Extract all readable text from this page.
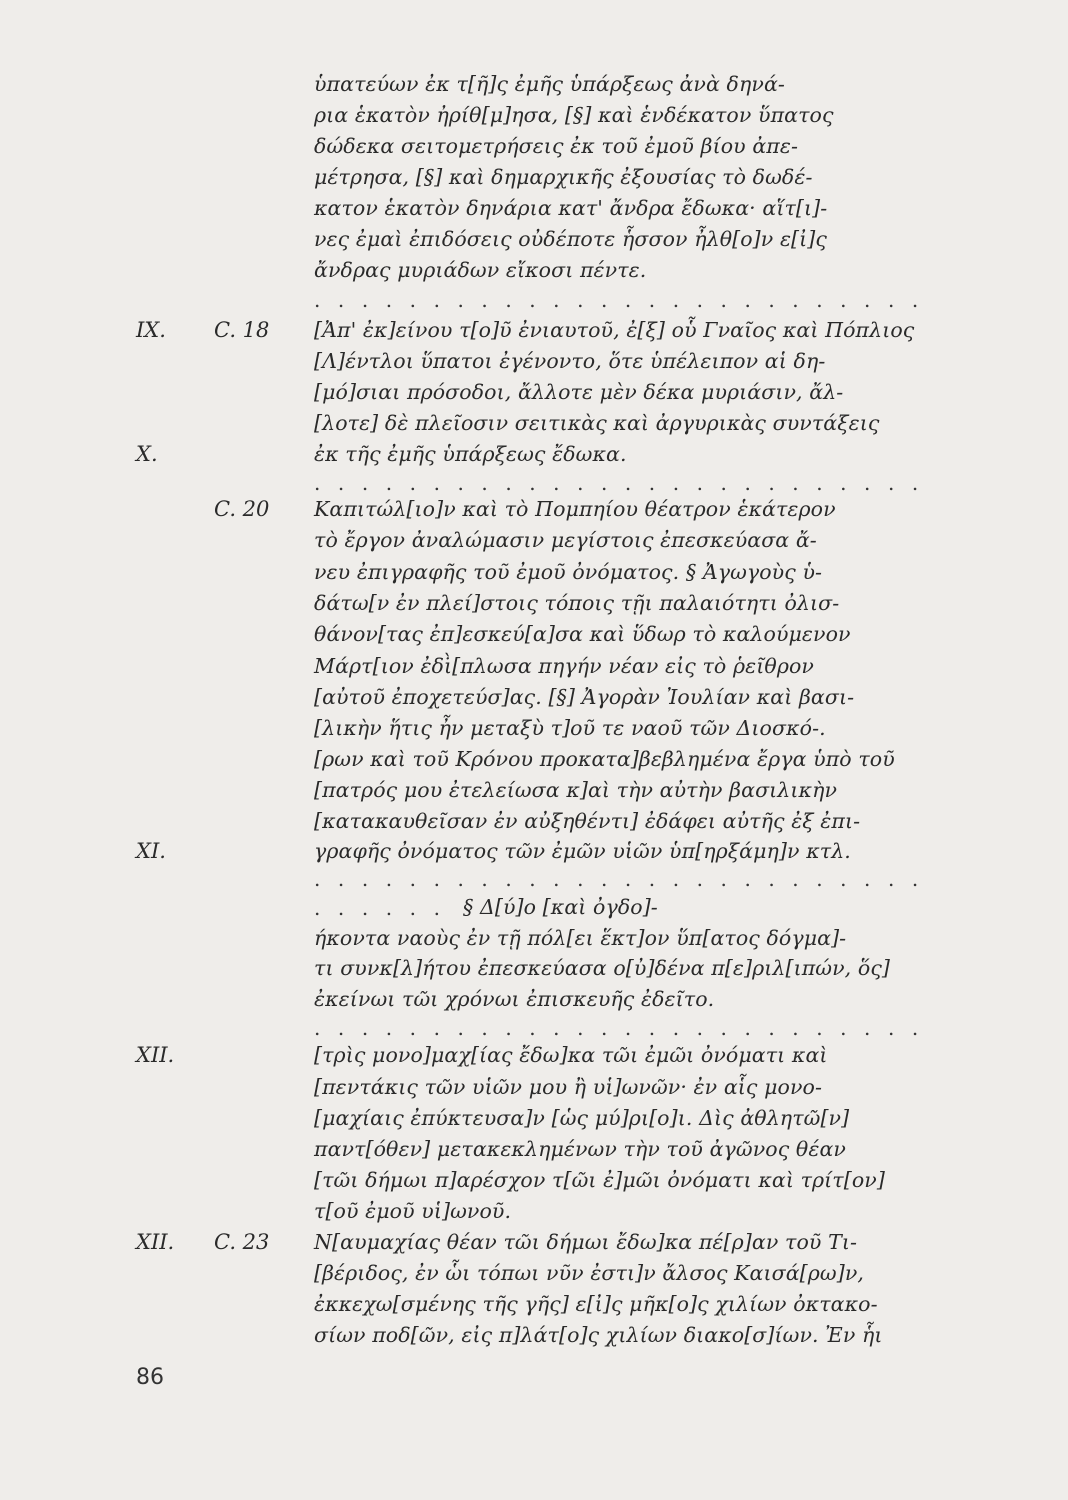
ὑπατεύων ἐκ τ[ῆ]ς ἐμῆς ὑπάρξεως ἀνὰ δηνά-
ρια ἑκατὸν ἠρίθ[μ]ησα, [§] καὶ ἑνδέκατον ὕπατος
δώδεκα σειτομετρήσεις ἐκ τοῦ ἐμοῦ βίου ἀπε-
μέτρησα, [§] καὶ δημαρχικῆς ἐξουσίας τὸ δωδέ-
κατον ἑκατὸν δηνάρια κατ' ἄνδρα ἔδωκα· αἵτ[ι]-
νες ἐμαὶ ἐπιδόσεις οὐδέποτε ἧσσον ἦλθ[ο]ν ε[ἰ]ς
ἄνδρας μυριάδων εἴκοσι πέντε.
. . . . . . . . . . . . . . . . . . . . . . . . . .
IX. C. 18 [Ἀπ' ἐκ]είνου τ[ο]ῦ ἐνιαυτοῦ, ἐ[ξ] οὗ Γναῖος καὶ Πόπλιος
[Λ]έντλοι ὕπατοι ἐγένοντο, ὅτε ὑπέλειπον αἱ δη-
[μό]σιαι πρόσοδοι, ἄλλοτε μὲν δέκα μυριάσιν, ἄλ-
[λοτε] δὲ πλεῖοσιν σειτικὰς καὶ ἀργυρικὰς συντάξεις
X.	ἐκ τῆς ἐμῆς ὑπάρξεως ἔδωκα.
. . . . . . . . . . . . . . . . . . . . . . . . . .
C. 20 Καπιτώλ[ιο]ν καὶ τὸ Πομπηίου θέατρον ἑκάτερον
τὸ ἔργον ἀναλώμασιν μεγίστοις ἐπεσκεύασα ἄ-
νευ ἐπιγραφῆς τοῦ ἐμοῦ ὀνόματος. § Ἀγωγοὺς ὑ-
δάτω[ν ἐν πλεί]στοις τόποις τῇι παλαιότητι ὀλισ-
θάνον[τας ἐπ]εσκεύ[α]σα καὶ ὕδωρ τὸ καλούμενον
Μάρτ[ιον ἐδι̇̀[πλωσα πηγήν νέαν εἰς τὸ ῥεῖθρον
[αὐτοῦ ἐποχετεύσ]ας. [§] Ἀγορὰν Ἰουλίαν καὶ βασι-
[λικὴν ἥτις ἦν μεταξὺ τ]οῦ τε ναοῦ τῶν Διοσκό-.
[ρων καὶ τοῦ Κρόνου προκατα]βεβλημένα ἔργα ὑπὸ τοῦ
[πατρός μου ἐτελείωσα κ]αὶ τὴν αὐτὴν βασιλικὴν
[κατακαυθεῖσαν ἐν αὐξηθέντι] ἐδάφει αὐτῆς ἐξ ἐπι-
XI.	γραφῆς ὀνόματος τῶν ἐμῶν υἱῶν ὑπ[ηρξάμη]ν κτλ.
. . . . . . . . . . . . . . . . . . . . . . . . . .
. . . . . . § Δ[ύ]ο [καὶ ὀγδο]-
ήκοντα ναοὺς ἐν τῇ πόλ[ει ἕκτ]ον ὕπ[ατος δόγμα]-
τι συνκ[λ]ήτου ἐπεσκεύασα ο[ὐ]δένα π[ε]ριλ[ιπών, ὅς]
ἐκείνωι τῶι χρόνωι ἐπισκευῆς ἐδεῖτο.
. . . . . . . . . . . . . . . . . . . . . . . . . .
XII.	[τρὶς μονο]μαχ[ίας ἔδω]κα τῶι ἐμῶι ὀνόματι καὶ
[πεντάκις τῶν υἱῶν μου ἢ υἱ]ωνῶν· ἐν αἷς μονο-
[μαχίαις ἐπύκτευσα]ν [ὡς μύ]ρι[ο]ι. Δὶς ἀθλητῶ[ν]
παντ[όθεν] μετακεκλημένων τὴν τοῦ ἀγῶνος θέαν
[τῶι δήμωι π]αρέσχον τ[ῶι ἐ]μῶι ὀνόματι καὶ τρίτ[ον]
τ[οῦ ἐμοῦ υἱ]ωνοῦ.
XII. C. 23 Ν[αυμαχίας θέαν τῶι δήμωι ἔδω]κα πέ[ρ]αν τοῦ Τι-
[βέριδος, ἐν ὧι τόπωι νῦν ἐστι]ν ἄλσος Καισά[ρω]ν,
ἐκκεχω[σμένης τῆς γῆς] ε[ἰ]ς μῆκ[ο]ς χιλίων ὀκτακο-
σίων ποδ[ῶν, εἰς π]λάτ[ο]ς χιλίων διακο[σ]ίων. Ἐν ἧι
86
